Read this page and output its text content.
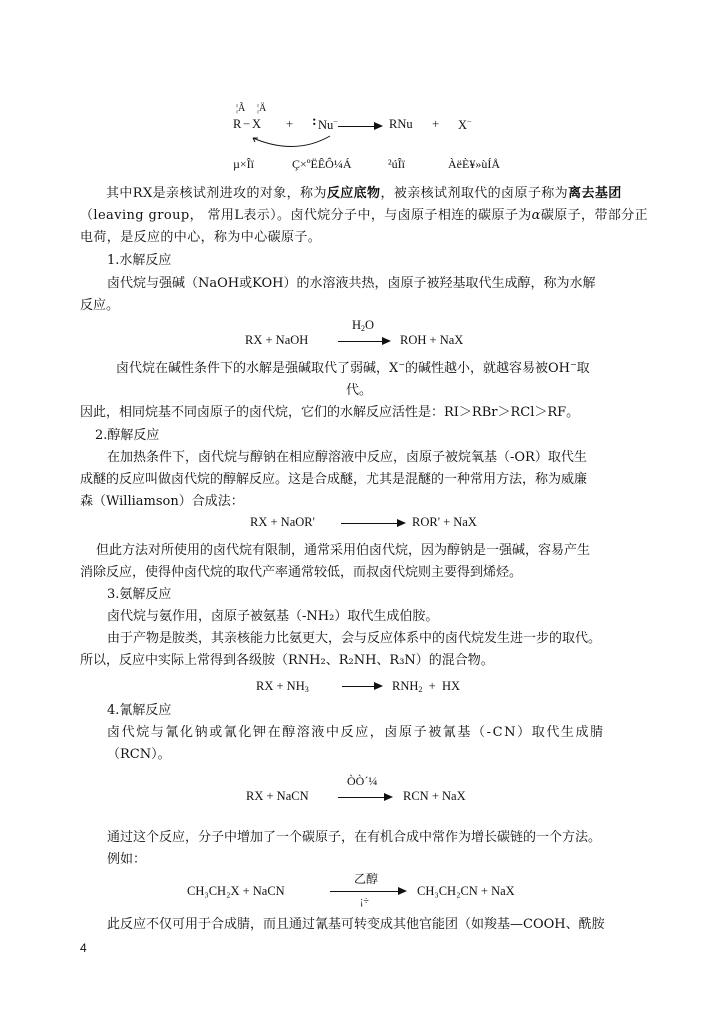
¦Ã ¦Ä
R − X + : Nu−	RNu + X−
µ×Îï	Ç×ºËÊÔ¼Á	²úÎï	ÀëÈ¥»ùÍÅ
其中RX是亲核试剂进攻的对象，称为反应底物，被亲核试剂取代的卤原子称为离去基团（leaving group， 常用L表示）。卤代烷分子中，与卤原子相连的碳原子为α碳原子，带部分正电荷，是反应的中心，称为中心碳原子。
1.水解反应
卤代烷与强碱（NaOH或KOH）的水溶液共热，卤原子被羟基取代生成醇，称为水解
反应。
RX + NaOH
$H_2O$
ROH + NaX
卤代烷在碱性条件下的水解是强碱取代了弱碱，X−的碱性越小，就越容易被OH−取
代。
因此，相同烷基不同卤原子的卤代烷，它们的水解反应活性是：RI＞RBr＞RCl＞RF。
2.醇解反应
在加热条件下，卤代烷与醇钠在相应醇溶液中反应，卤原子被烷氧基（-OR）取代生
成醚的反应叫做卤代烷的醇解反应。这是合成醚，尤其是混醚的一种常用方法，称为威廉
森（Williamson）合成法：
RX + NaOR'	ROR' + NaX
但此方法对所使用的卤代烷有限制，通常采用伯卤代烷，因为醇钠是一强碱，容易产生
消除反应，使得仲卤代烷的取代产率通常较低，而叔卤代烷则主要得到烯烃。
3.氨解反应
卤代烷与氨作用，卤原子被氨基（-NH₂）取代生成伯胺。
由于产物是胺类，其亲核能力比氨更大，会与反应体系中的卤代烷发生进一步的取代。
所以，反应中实际上常得到各级胺（RNH₂、R₂NH、R₃N）的混合物。
RX + $NH_3$	$RNH_2$  +  HX
4.氰解反应
卤代烷与氰化钠或氰化钾在醇溶液中反应，卤原子被氰基（-CN）取代生成腈
（RCN）。
ÒÒ´¼
RX + NaCN	RCN + NaX
通过这个反应，分子中增加了一个碳原子，在有机合成中常作为增长碳链的一个方法。
例如：
乙醇
CH₃CH₂X + NaCN
¡÷
CH₃CH₂CN + NaX
此反应不仅可用于合成腈，而且通过氰基可转变成其他官能团（如羧基—COOH、酰胺
4
